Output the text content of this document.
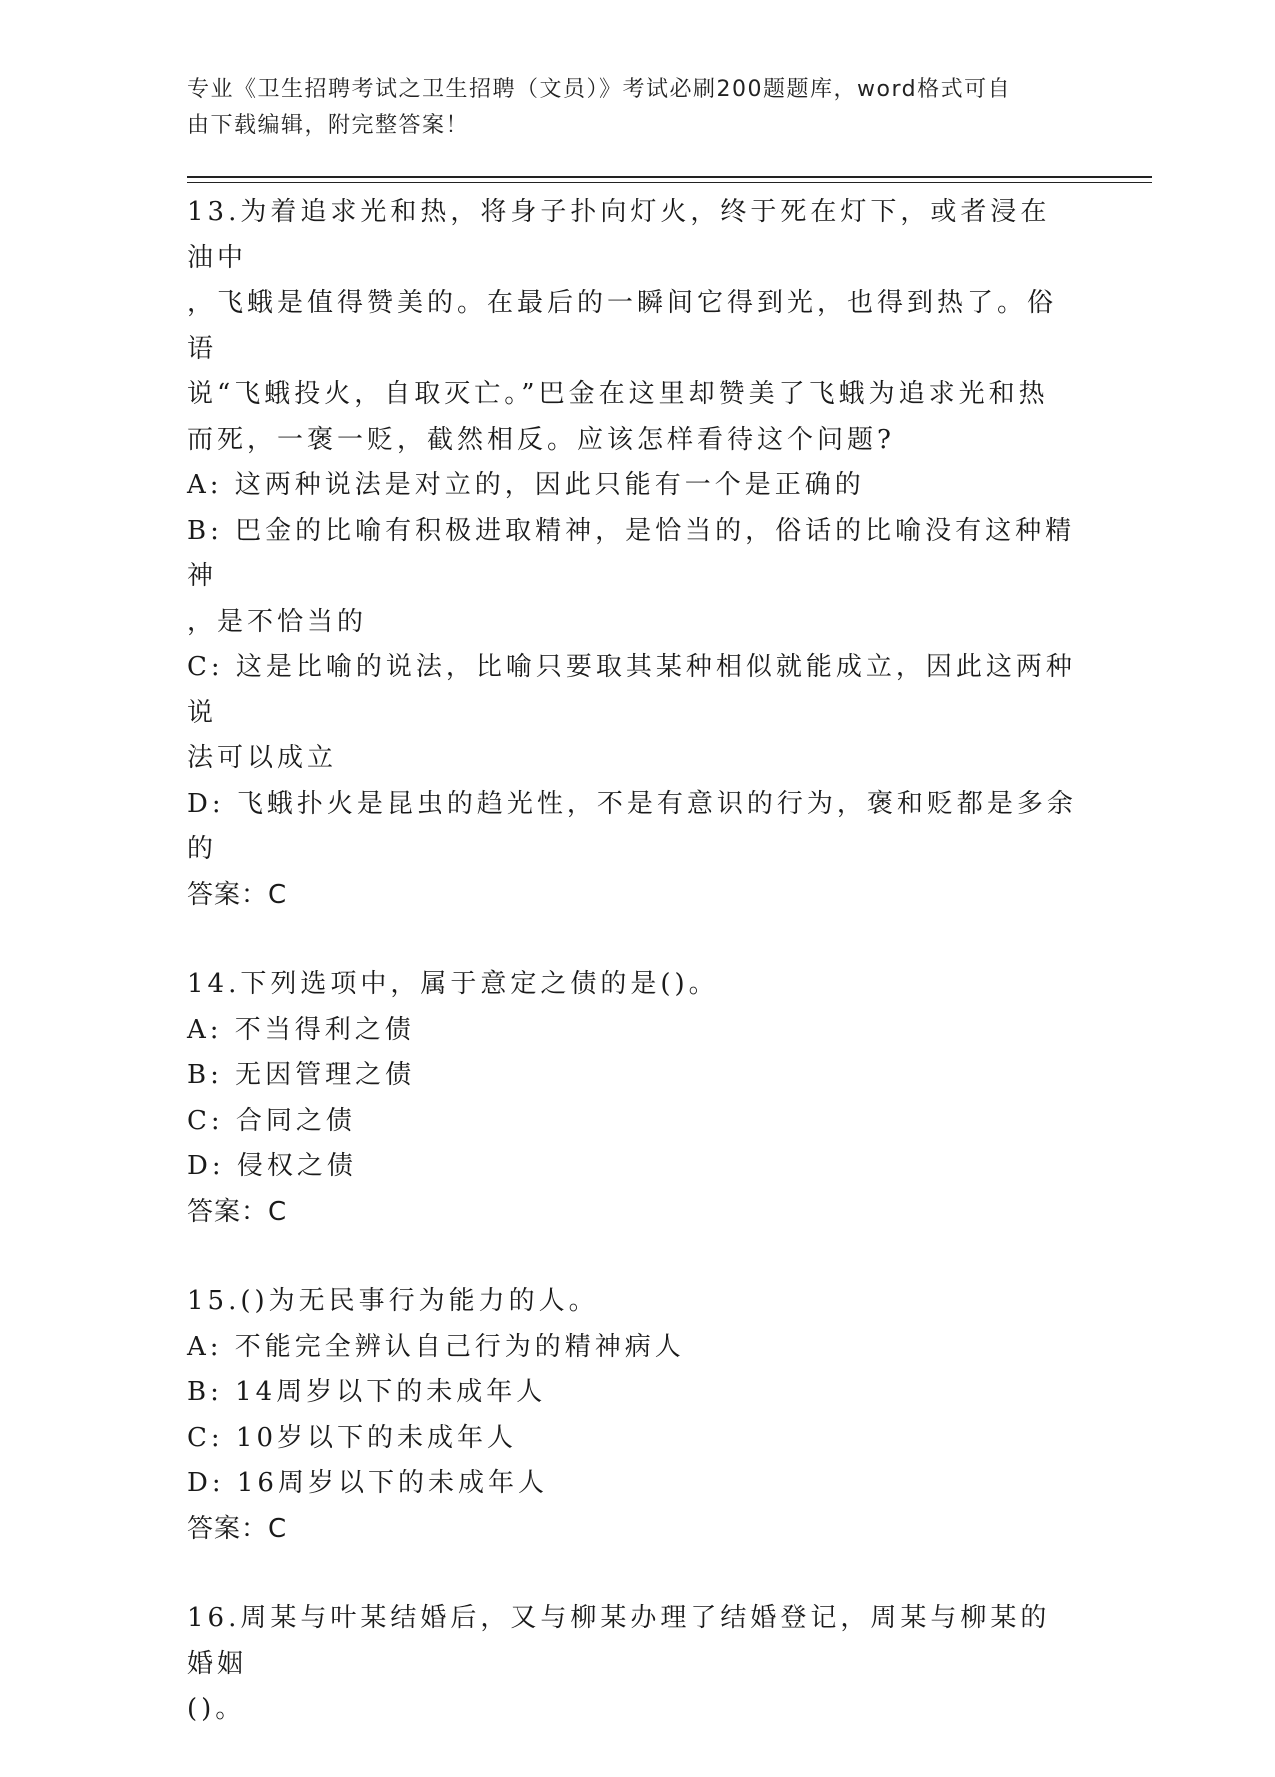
专业《卫生招聘考试之卫生招聘（文员）》考试必刷200题题库，word格式可自
由下载编辑，附完整答案！
13.为着追求光和热，将身子扑向灯火，终于死在灯下，或者浸在油中
，飞蛾是值得赞美的。在最后的一瞬间它得到光，也得到热了。俗语
说“飞蛾投火，自取灭亡。”巴金在这里却赞美了飞蛾为追求光和热
而死，一褒一贬，截然相反。应该怎样看待这个问题?
A: 这两种说法是对立的，因此只能有一个是正确的
B: 巴金的比喻有积极进取精神，是恰当的，俗话的比喻没有这种精神
，是不恰当的
C: 这是比喻的说法，比喻只要取其某种相似就能成立，因此这两种说
法可以成立
D: 飞蛾扑火是昆虫的趋光性，不是有意识的行为，褒和贬都是多余的
答案：C
14.下列选项中，属于意定之债的是()。
A: 不当得利之债
B: 无因管理之债
C: 合同之债
D: 侵权之债
答案：C
15.()为无民事行为能力的人。
A: 不能完全辨认自己行为的精神病人
B: 14周岁以下的未成年人
C: 10岁以下的未成年人
D: 16周岁以下的未成年人
答案：C
16.周某与叶某结婚后，又与柳某办理了结婚登记，周某与柳某的婚姻
()。
